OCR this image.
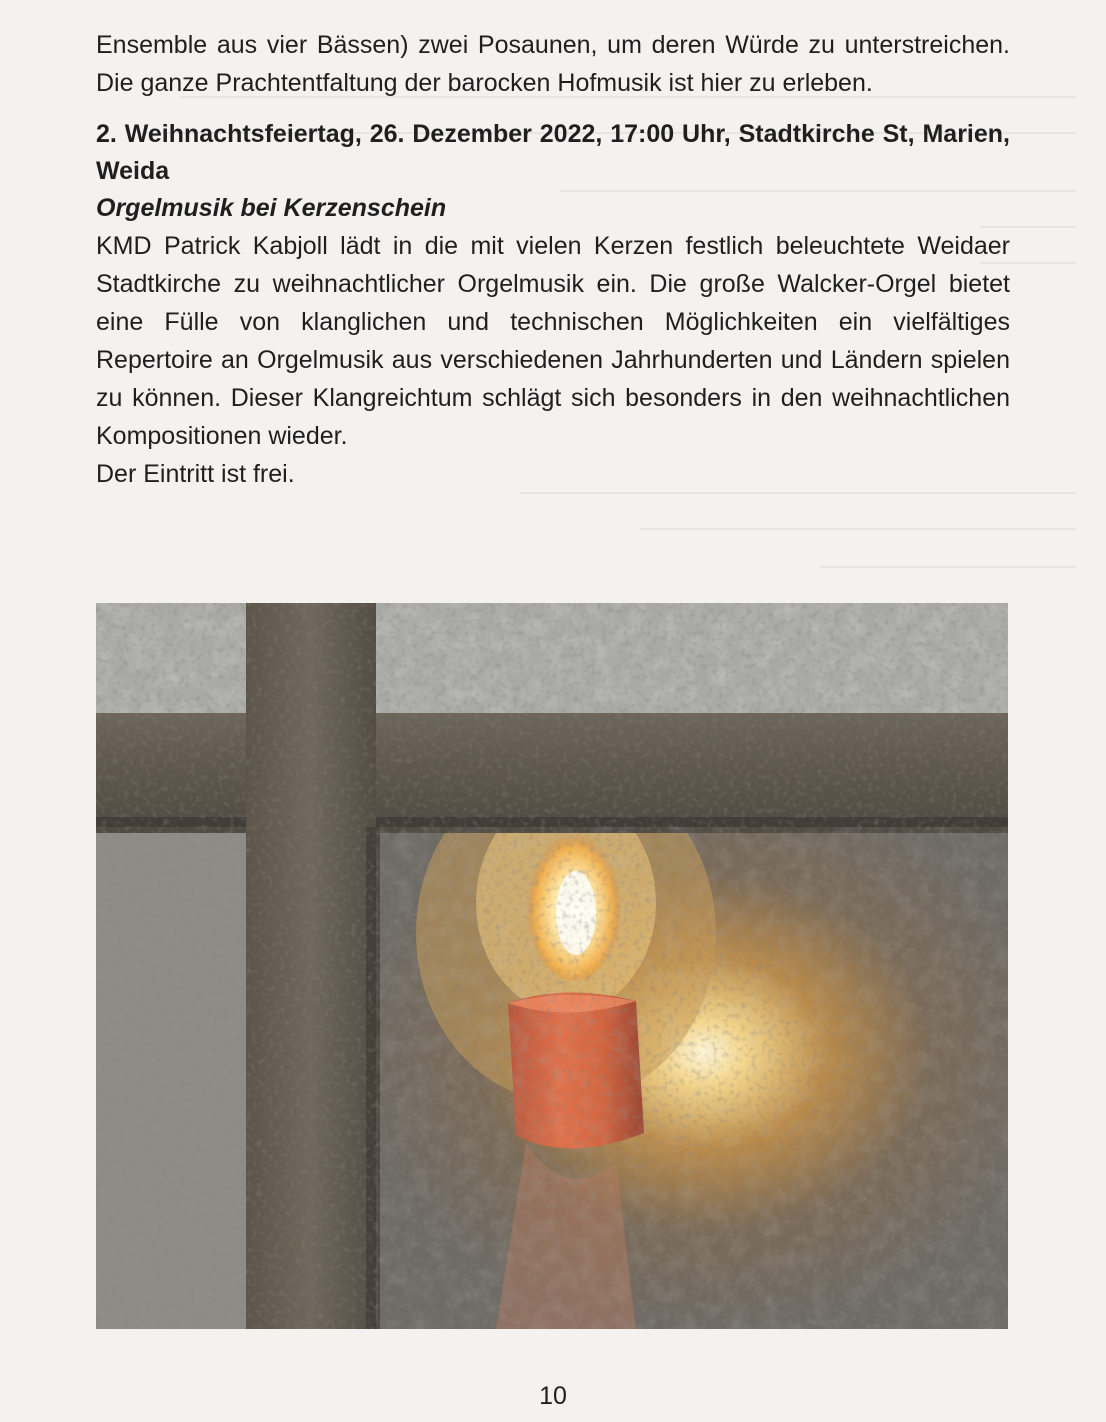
Ensemble aus vier Bässen) zwei Posaunen, um deren Würde zu unterstreichen. Die ganze Prachtentfaltung der barocken Hofmusik ist hier zu erleben.

2. Weihnachtsfeiertag, 26. Dezember 2022, 17:00 Uhr, Stadtkirche St, Marien, Weida

Orgelmusik bei Kerzenschein

KMD Patrick Kabjoll lädt in die mit vielen Kerzen festlich beleuchtete Weidaer Stadtkirche zu weihnachtlicher Orgelmusik ein. Die große Walcker-Orgel bietet eine Fülle von klanglichen und technischen Möglichkeiten ein vielfältiges Repertoire an Orgelmusik aus verschiedenen Jahrhunderten und Ländern spielen zu können. Dieser Klangreichtum schlägt sich besonders in den weihnachtlichen Kompositionen wieder.

Der Eintritt ist frei.

10
